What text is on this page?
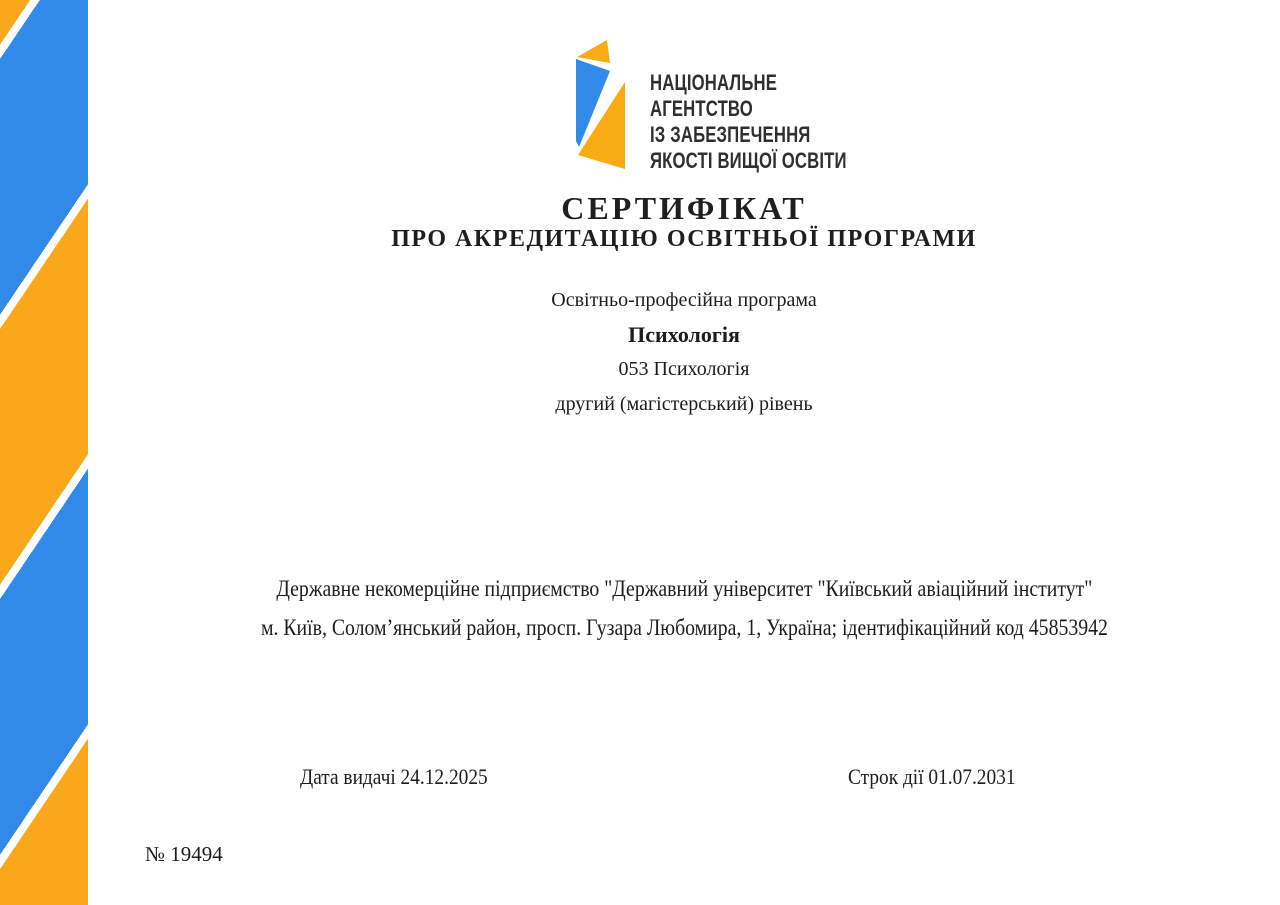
НАЦІОНАЛЬНЕ
АГЕНТСТВО
ІЗ ЗАБЕЗПЕЧЕННЯ
ЯКОСТІ ВИЩОЇ ОСВІТИ
СЕРТИФІКАТ
ПРО АКРЕДИТАЦІЮ ОСВІТНЬОЇ ПРОГРАМИ

Освітньо-професійна програма

Психологія

053 Психологія

другий (магістерський) рівень

Державне некомерційне підприємство "Державний університет "Київський авіаційний інститут"

м. Київ, Солом’янський район, просп. Гузара Любомира, 1, Україна; ідентифікаційний код 45853942

Дата видачі 24.12.2025	Строк дії 01.07.2031
№ 19494
